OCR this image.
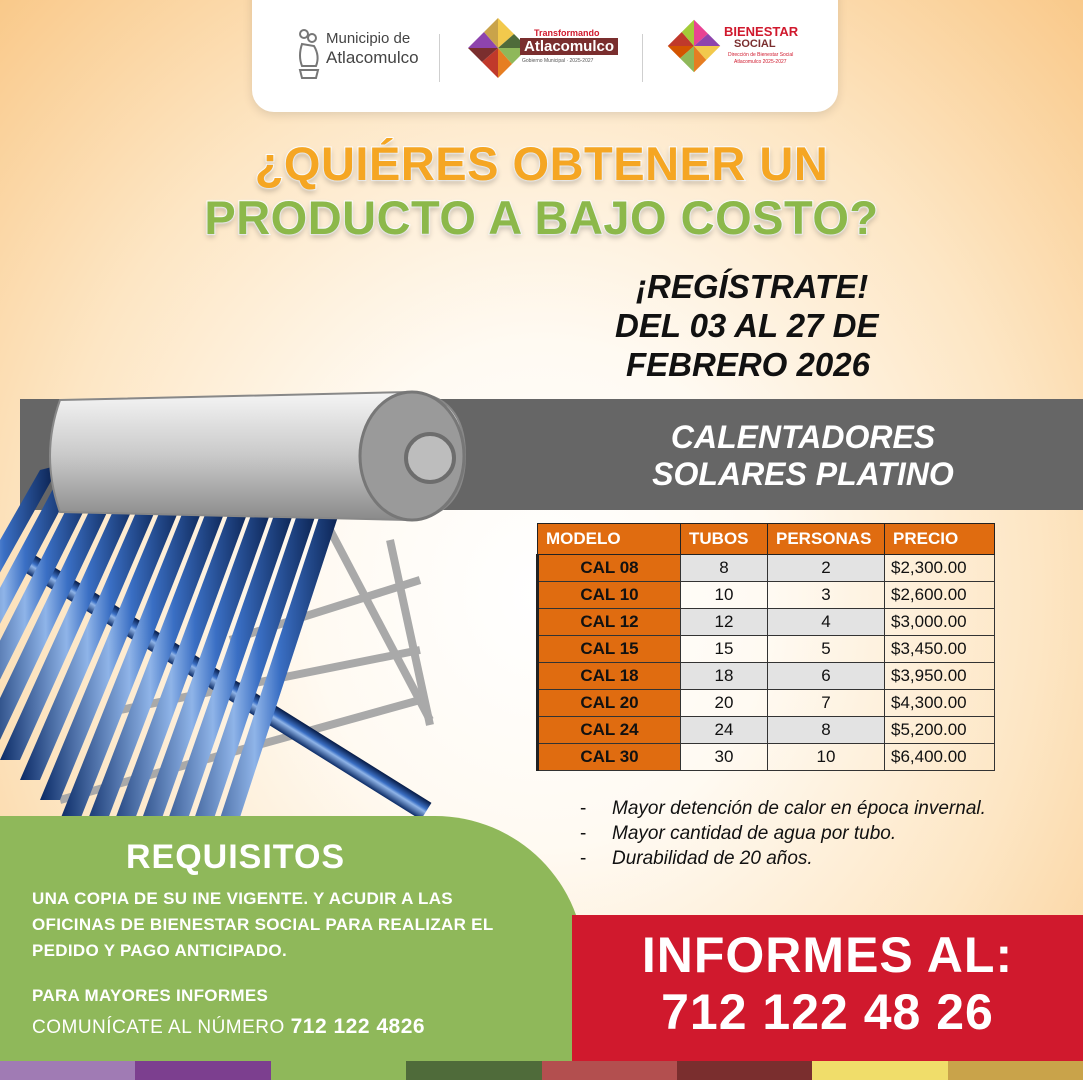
Municipio de
Atlacomulco
Transformando
Atlacomulco
Gobierno Municipal · 2025-2027
BIENESTAR
SOCIAL
Dirección de Bienestar Social
Atlacomulco 2025-2027
¿QUIÉRES OBTENER UN
PRODUCTO A BAJO COSTO?
¡REGÍSTRATE!
DEL 03 AL 27 DE
FEBRERO 2026
CALENTADORES
SOLARES PLATINO
MODELO	TUBOS	PERSONAS	PRECIO
CAL 08	8	2	$2,300.00
CAL 10	10	3	$2,600.00
CAL 12	12	4	$3,000.00
CAL 15	15	5	$3,450.00
CAL 18	18	6	$3,950.00
CAL 20	20	7	$4,300.00
CAL 24	24	8	$5,200.00
CAL 30	30	10	$6,400.00
- Mayor detención de calor en época invernal.
- Mayor cantidad de agua por tubo.
- Durabilidad de 20 años.
REQUISITOS
UNA COPIA DE SU INE VIGENTE. Y ACUDIR A LAS OFICINAS DE BIENESTAR SOCIAL PARA REALIZAR EL PEDIDO Y PAGO ANTICIPADO.
PARA MAYORES INFORMES
COMUNÍCATE AL NÚMERO 712 122 4826
INFORMES AL:
712 122 48 26
